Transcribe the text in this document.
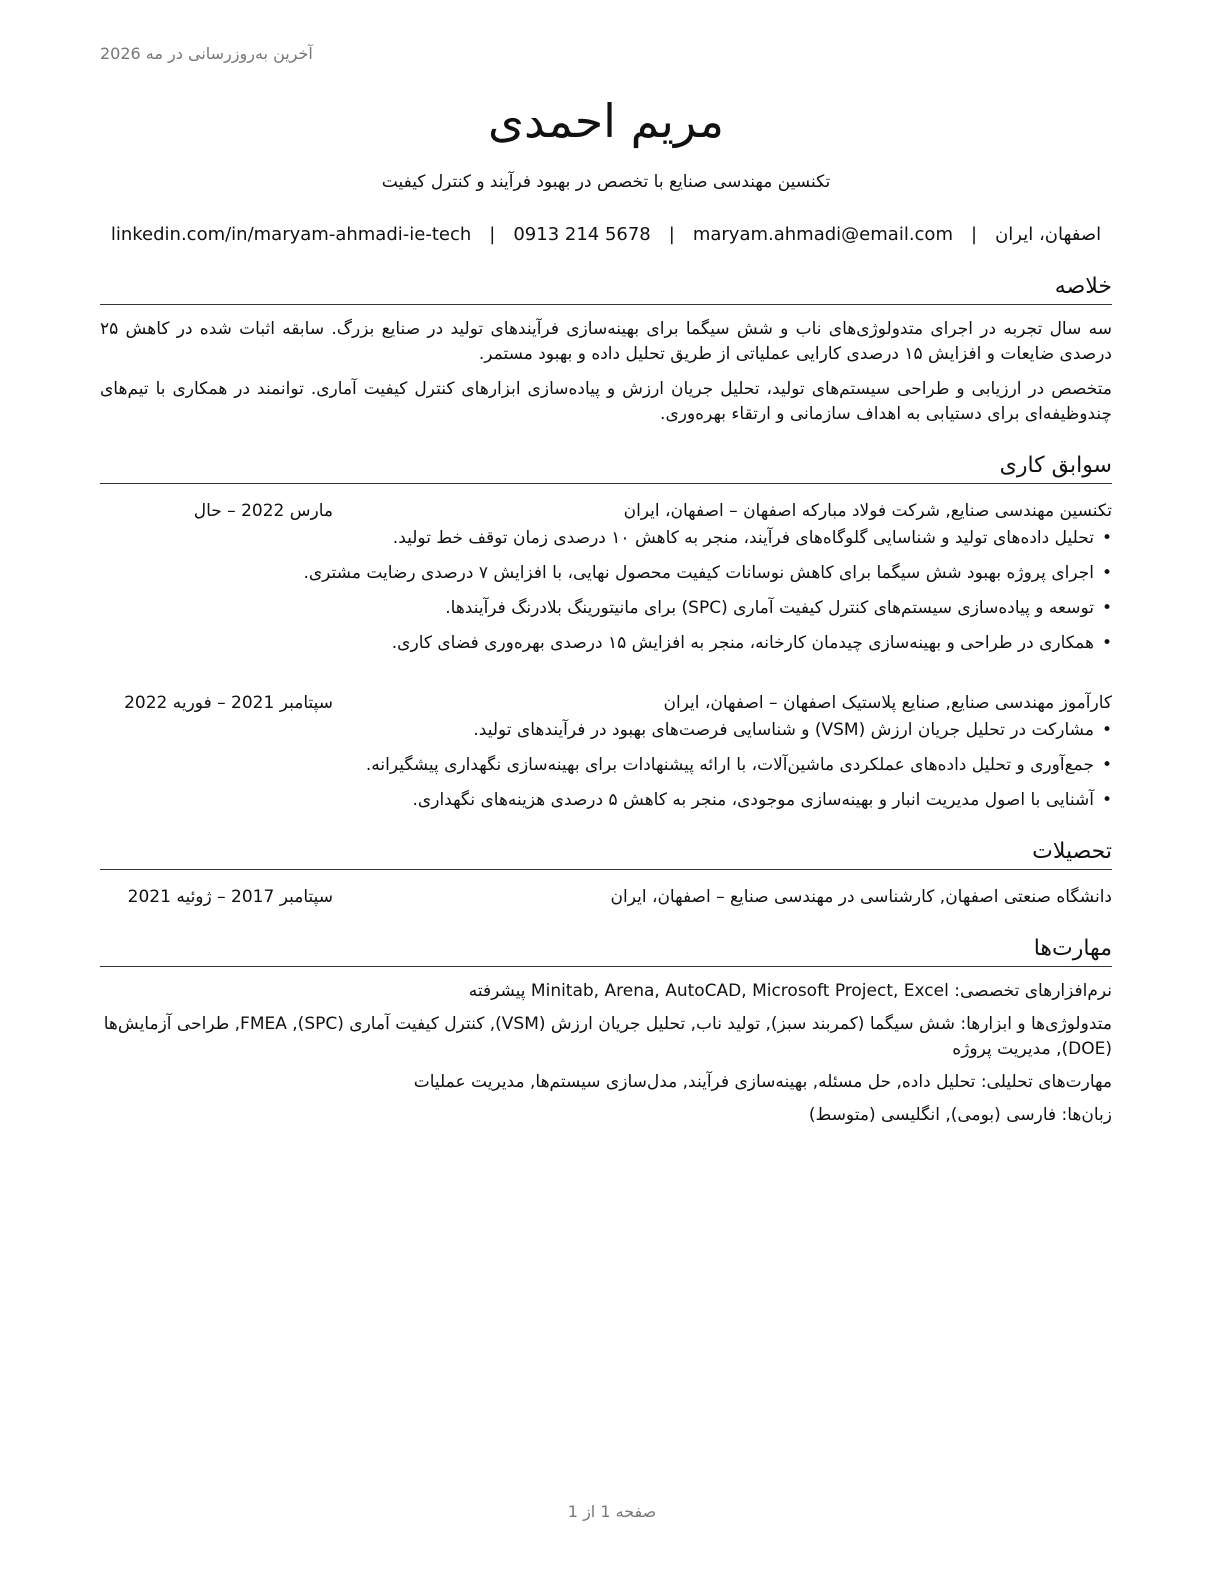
آخرین به‌روزرسانی در مه 2026
مریم احمدی
تکنسین مهندسی صنایع با تخصص در بهبود فرآیند و کنترل کیفیت
اصفهان، ایران
|
maryam.ahmadi@email.com
|
0913 214 5678
|
linkedin.com/in/maryam-ahmadi-ie-tech
خلاصه
سه سال تجربه در اجرای متدولوژی‌های ناب و شش سیگما برای بهینه‌سازی فرآیندهای تولید در صنایع بزرگ. سابقه اثبات شده در کاهش ۲۵ درصدی ضایعات و افزایش ۱۵ درصدی کارایی عملیاتی از طریق تحلیل داده و بهبود مستمر.
متخصص در ارزیابی و طراحی سیستم‌های تولید، تحلیل جریان ارزش و پیاده‌سازی ابزارهای کنترل کیفیت آماری. توانمند در همکاری با تیم‌های چندوظیفه‌ای برای دستیابی به اهداف سازمانی و ارتقاء بهره‌وری.
سوابق کاری
تکنسین مهندسی صنایع, شرکت فولاد مبارکه اصفهان – اصفهان، ایران
مارس 2022 – حال
•تحلیل داده‌های تولید و شناسایی گلوگاه‌های فرآیند، منجر به کاهش ۱۰ درصدی زمان توقف خط تولید.
•اجرای پروژه بهبود شش سیگما برای کاهش نوسانات کیفیت محصول نهایی، با افزایش ۷ درصدی رضایت مشتری.
•توسعه و پیاده‌سازی سیستم‌های کنترل کیفیت آماری (SPC) برای مانیتورینگ بلادرنگ فرآیندها.
•همکاری در طراحی و بهینه‌سازی چیدمان کارخانه، منجر به افزایش ۱۵ درصدی بهره‌وری فضای کاری.
کارآموز مهندسی صنایع, صنایع پلاستیک اصفهان – اصفهان، ایران
سپتامبر 2021 – فوریه 2022
•مشارکت در تحلیل جریان ارزش (VSM) و شناسایی فرصت‌های بهبود در فرآیندهای تولید.
•جمع‌آوری و تحلیل داده‌های عملکردی ماشین‌آلات، با ارائه پیشنهادات برای بهینه‌سازی نگهداری پیشگیرانه.
•آشنایی با اصول مدیریت انبار و بهینه‌سازی موجودی، منجر به کاهش ۵ درصدی هزینه‌های نگهداری.
تحصیلات
دانشگاه صنعتی اصفهان, کارشناسی در مهندسی صنایع – اصفهان، ایران
سپتامبر 2017 – ژوئیه 2021
مهارت‌ها
نرم‌افزارهای تخصصی: Minitab, Arena, AutoCAD, Microsoft Project, Excel پیشرفته
متدولوژی‌ها و ابزارها: شش سیگما (کمربند سبز), تولید ناب, تحلیل جریان ارزش (VSM), کنترل کیفیت آماری (SPC), FMEA, طراحی آزمایش‌ها (DOE), مدیریت پروژه
مهارت‌های تحلیلی: تحلیل داده, حل مسئله, بهینه‌سازی فرآیند, مدل‌سازی سیستم‌ها, مدیریت عملیات
زبان‌ها: فارسی (بومی), انگلیسی (متوسط)
صفحه 1 از 1
